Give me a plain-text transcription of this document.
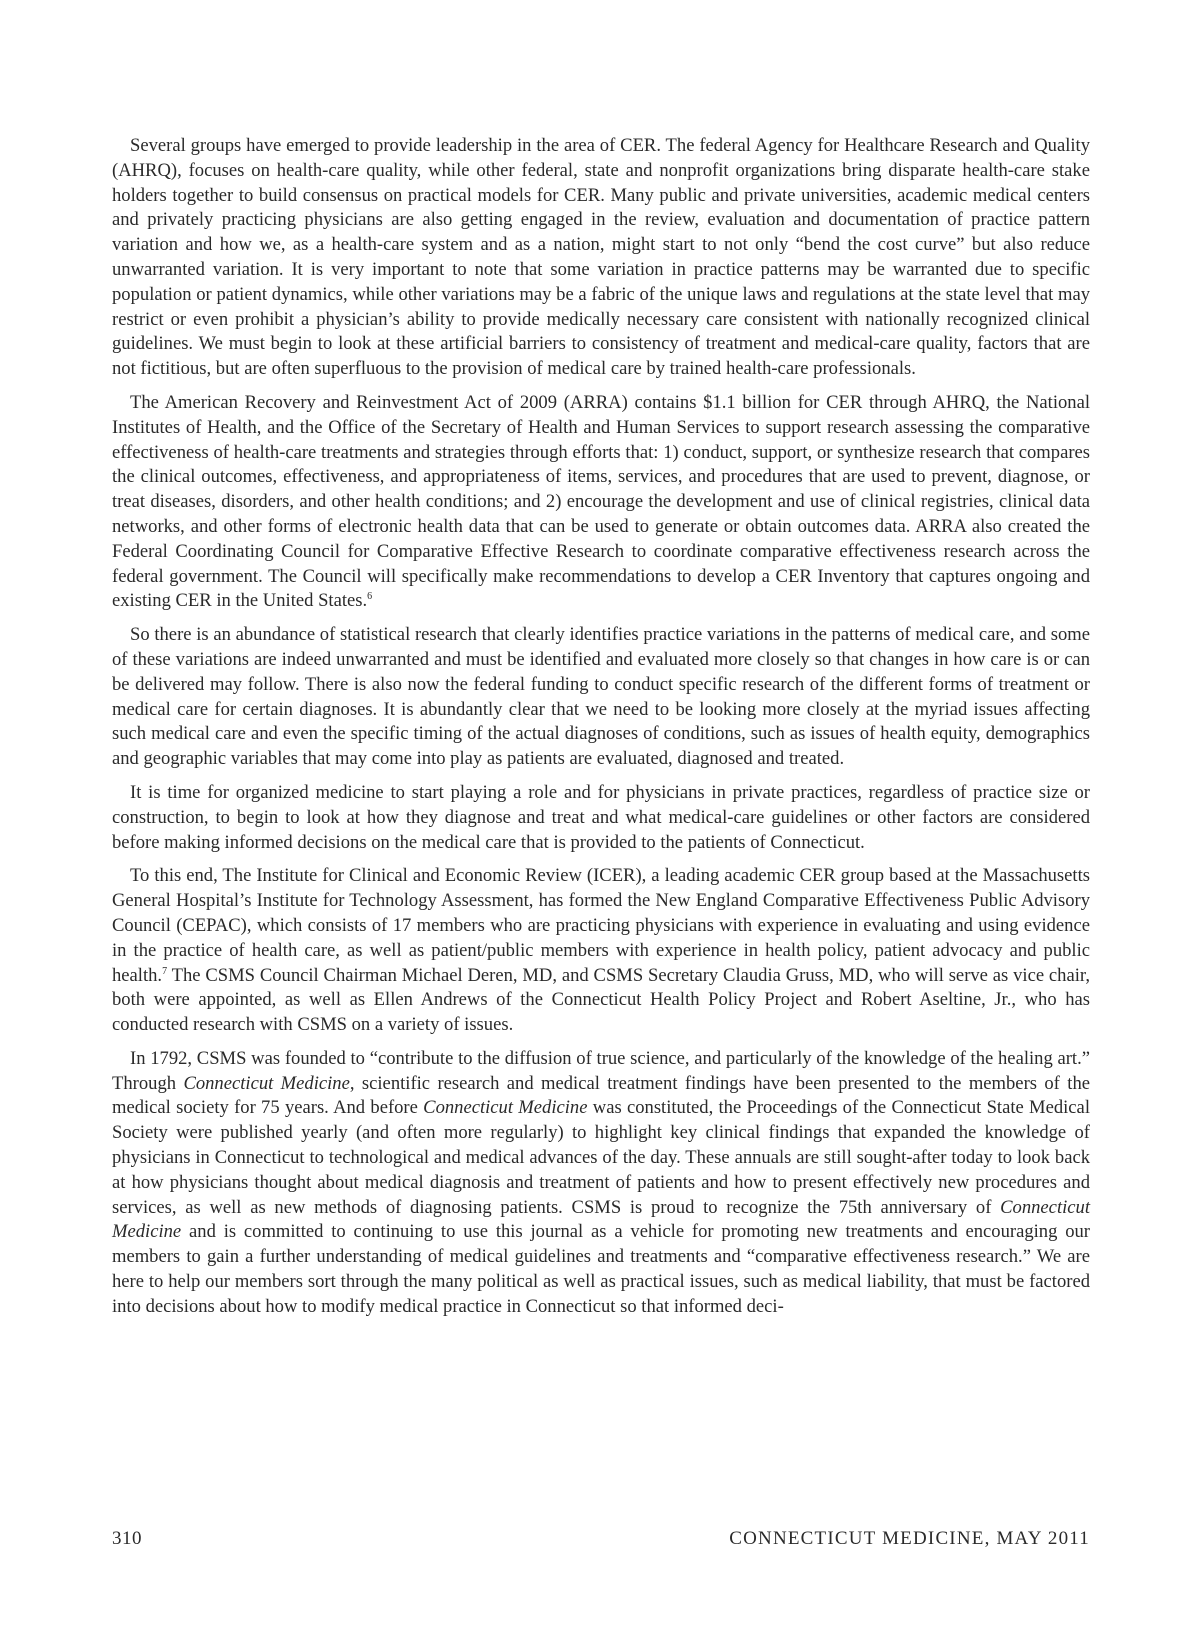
Several groups have emerged to provide leadership in the area of CER. The federal Agency for Healthcare Research and Quality (AHRQ), focuses on health-care quality, while other federal, state and nonprofit organizations bring disparate health-care stake holders together to build consensus on practical models for CER. Many public and private universities, academic medical centers and privately practicing physicians are also getting engaged in the review, evaluation and documentation of practice pattern variation and how we, as a health-care system and as a nation, might start to not only “bend the cost curve” but also reduce unwarranted variation. It is very important to note that some variation in practice patterns may be warranted due to specific population or patient dynamics, while other variations may be a fabric of the unique laws and regulations at the state level that may restrict or even prohibit a physician’s ability to provide medically necessary care consistent with nationally recognized clinical guidelines. We must begin to look at these artificial barriers to consistency of treatment and medical-care quality, factors that are not fictitious, but are often superfluous to the provision of medical care by trained health-care professionals.

The American Recovery and Reinvestment Act of 2009 (ARRA) contains $1.1 billion for CER through AHRQ, the National Institutes of Health, and the Office of the Secretary of Health and Human Services to support research assessing the comparative effectiveness of health-care treatments and strategies through efforts that: 1) conduct, support, or synthesize research that compares the clinical outcomes, effectiveness, and appropriateness of items, services, and procedures that are used to prevent, diagnose, or treat diseases, disorders, and other health conditions; and 2) encourage the development and use of clinical registries, clinical data networks, and other forms of electronic health data that can be used to generate or obtain outcomes data. ARRA also created the Federal Coordinating Council for Comparative Effective Research to coordinate comparative effectiveness research across the federal government. The Council will specifically make recommendations to develop a CER Inventory that captures ongoing and existing CER in the United States.$^6$

So there is an abundance of statistical research that clearly identifies practice variations in the patterns of medical care, and some of these variations are indeed unwarranted and must be identified and evaluated more closely so that changes in how care is or can be delivered may follow. There is also now the federal funding to conduct specific research of the different forms of treatment or medical care for certain diagnoses. It is abundantly clear that we need to be looking more closely at the myriad issues affecting such medical care and even the specific timing of the actual diagnoses of conditions, such as issues of health equity, demographics and geographic variables that may come into play as patients are evaluated, diagnosed and treated.

It is time for organized medicine to start playing a role and for physicians in private practices, regardless of practice size or construction, to begin to look at how they diagnose and treat and what medical-care guidelines or other factors are considered before making informed decisions on the medical care that is provided to the patients of Connecticut.

To this end, The Institute for Clinical and Economic Review (ICER), a leading academic CER group based at the Massachusetts General Hospital’s Institute for Technology Assessment, has formed the New England Comparative Effectiveness Public Advisory Council (CEPAC), which consists of 17 members who are practicing physicians with experience in evaluating and using evidence in the practice of health care, as well as patient/public members with experience in health policy, patient advocacy and public health.$^7$ The CSMS Council Chairman Michael Deren, MD, and CSMS Secretary Claudia Gruss, MD, who will serve as vice chair, both were appointed, as well as Ellen Andrews of the Connecticut Health Policy Project and Robert Aseltine, Jr., who has conducted research with CSMS on a variety of issues.

In 1792, CSMS was founded to “contribute to the diffusion of true science, and particularly of the knowledge of the healing art.” Through Connecticut Medicine, scientific research and medical treatment findings have been presented to the members of the medical society for 75 years. And before Connecticut Medicine was constituted, the Proceedings of the Connecticut State Medical Society were published yearly (and often more regularly) to highlight key clinical findings that expanded the knowledge of physicians in Connecticut to technological and medical advances of the day. These annuals are still sought-after today to look back at how physicians thought about medical diagnosis and treatment of patients and how to present effectively new procedures and services, as well as new methods of diagnosing patients. CSMS is proud to recognize the 75th anniversary of Connecticut Medicine and is committed to continuing to use this journal as a vehicle for promoting new treatments and encouraging our members to gain a further understanding of medical guidelines and treatments and “comparative effectiveness research.” We are here to help our members sort through the many political as well as practical issues, such as medical liability, that must be factored into decisions about how to modify medical practice in Connecticut so that informed deci-

310	CONNECTICUT MEDICINE, MAY 2011
